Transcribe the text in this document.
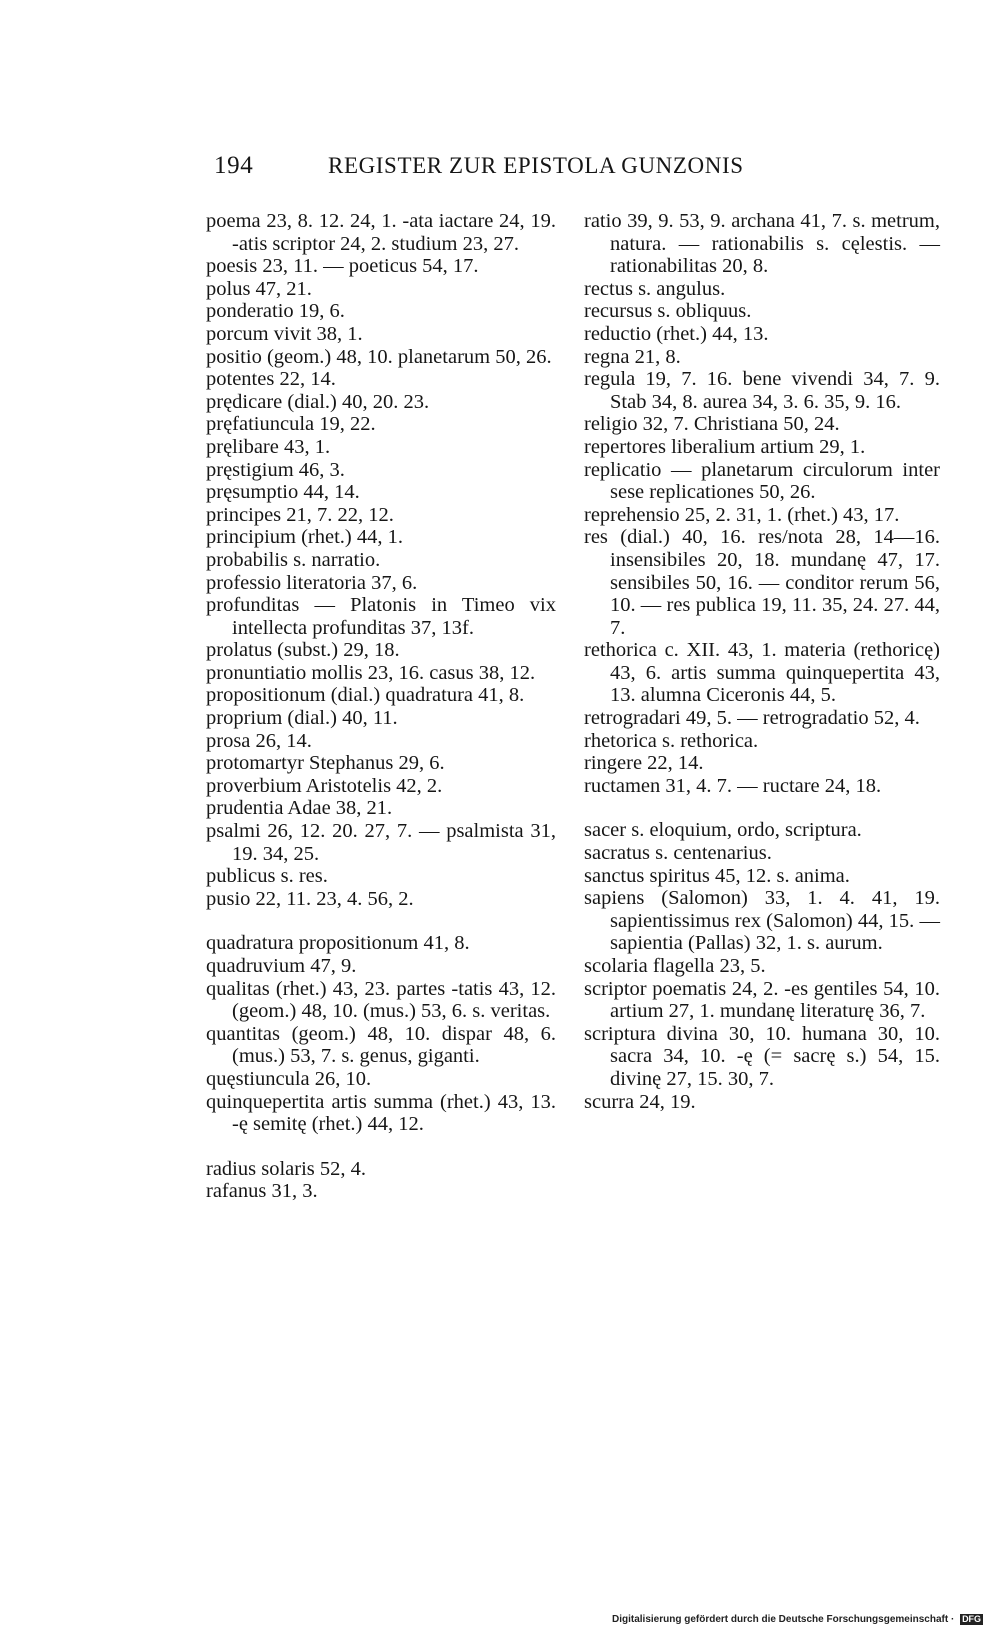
194	REGISTER ZUR EPISTOLA GUNZONIS

poema 23, 8. 12. 24, 1. -ata iactare 24, 19. -atis scriptor 24, 2. studium 23, 27.

poesis 23, 11. — poeticus 54, 17.

polus 47, 21.

ponderatio 19, 6.

porcum vivit 38, 1.

positio (geom.) 48, 10. planetarum 50, 26.

potentes 22, 14.

prędicare (dial.) 40, 20. 23.

pręfatiuncula 19, 22.

pręlibare 43, 1.

pręstigium 46, 3.

pręsumptio 44, 14.

principes 21, 7. 22, 12.

principium (rhet.) 44, 1.

probabilis s. narratio.

professio literatoria 37, 6.

profunditas — Platonis in Timeo vix intellecta profunditas 37, 13f.

prolatus (subst.) 29, 18.

pronuntiatio mollis 23, 16. casus 38, 12.

propositionum (dial.) quadratura 41, 8.

proprium (dial.) 40, 11.

prosa 26, 14.

protomartyr Stephanus 29, 6.

proverbium Aristotelis 42, 2.

prudentia Adae 38, 21.

psalmi 26, 12. 20. 27, 7. — psalmista 31, 19. 34, 25.

publicus s. res.

pusio 22, 11. 23, 4. 56, 2.

quadratura propositionum 41, 8.

quadruvium 47, 9.

qualitas (rhet.) 43, 23. partes -tatis 43, 12. (geom.) 48, 10. (mus.) 53, 6. s. veritas.

quantitas (geom.) 48, 10. dispar 48, 6. (mus.) 53, 7. s. genus, giganti.

quęstiuncula 26, 10.

quinquepertita artis summa (rhet.) 43, 13. -ę semitę (rhet.) 44, 12.

radius solaris 52, 4.

rafanus 31, 3.

ratio 39, 9. 53, 9. archana 41, 7. s. metrum, natura. — rationabilis s. cęlestis. — rationabilitas 20, 8.

rectus s. angulus.

recursus s. obliquus.

reductio (rhet.) 44, 13.

regna 21, 8.

regula 19, 7. 16. bene vivendi 34, 7. 9. Stab 34, 8. aurea 34, 3. 6. 35, 9. 16.

religio 32, 7. Christiana 50, 24.

repertores liberalium artium 29, 1.

replicatio — planetarum circulorum inter sese replicationes 50, 26.

reprehensio 25, 2. 31, 1. (rhet.) 43, 17.

res (dial.) 40, 16. res/nota 28, 14—16. insensibiles 20, 18. mundanę 47, 17. sensibiles 50, 16. — conditor rerum 56, 10. — res publica 19, 11. 35, 24. 27. 44, 7.

rethorica c. XII. 43, 1. materia (rethoricę) 43, 6. artis summa quinquepertita 43, 13. alumna Ciceronis 44, 5.

retrogradari 49, 5. — retrogradatio 52, 4.

rhetorica s. rethorica.

ringere 22, 14.

ructamen 31, 4. 7. — ructare 24, 18.

sacer s. eloquium, ordo, scriptura.

sacratus s. centenarius.

sanctus spiritus 45, 12. s. anima.

sapiens (Salomon) 33, 1. 4. 41, 19. sapientissimus rex (Salomon) 44, 15. — sapientia (Pallas) 32, 1. s. aurum.

scolaria flagella 23, 5.

scriptor poematis 24, 2. -es gentiles 54, 10. artium 27, 1. mundanę literaturę 36, 7.

scriptura divina 30, 10. humana 30, 10. sacra 34, 10. -ę (= sacrę s.) 54, 15. divinę 27, 15. 30, 7.

scurra 24, 19.

Digitalisierung gefördert durch die Deutsche Forschungsgemeinschaft · DFG
